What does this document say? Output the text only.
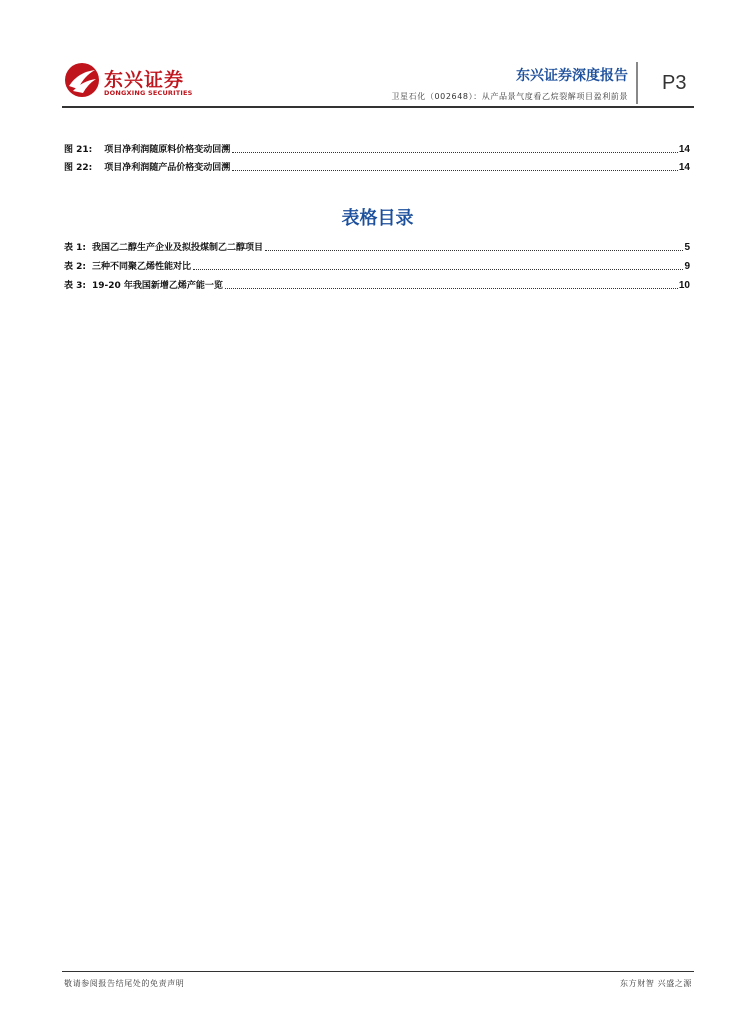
东兴证券
DONGXING SECURITIES
东兴证券深度报告
卫星石化（002648）：从产品景气度看乙烷裂解项目盈利前景
P3
图 21: 项目净利润随原料价格变动回溯	14
图 22: 项目净利润随产品价格变动回溯	14
表格目录
表 1: 我国乙二醇生产企业及拟投煤制乙二醇项目	5
表 2: 三种不同聚乙烯性能对比	9
表 3: 19-20 年我国新增乙烯产能一览	10
敬请参阅报告结尾处的免责声明	东方财智 兴盛之源
